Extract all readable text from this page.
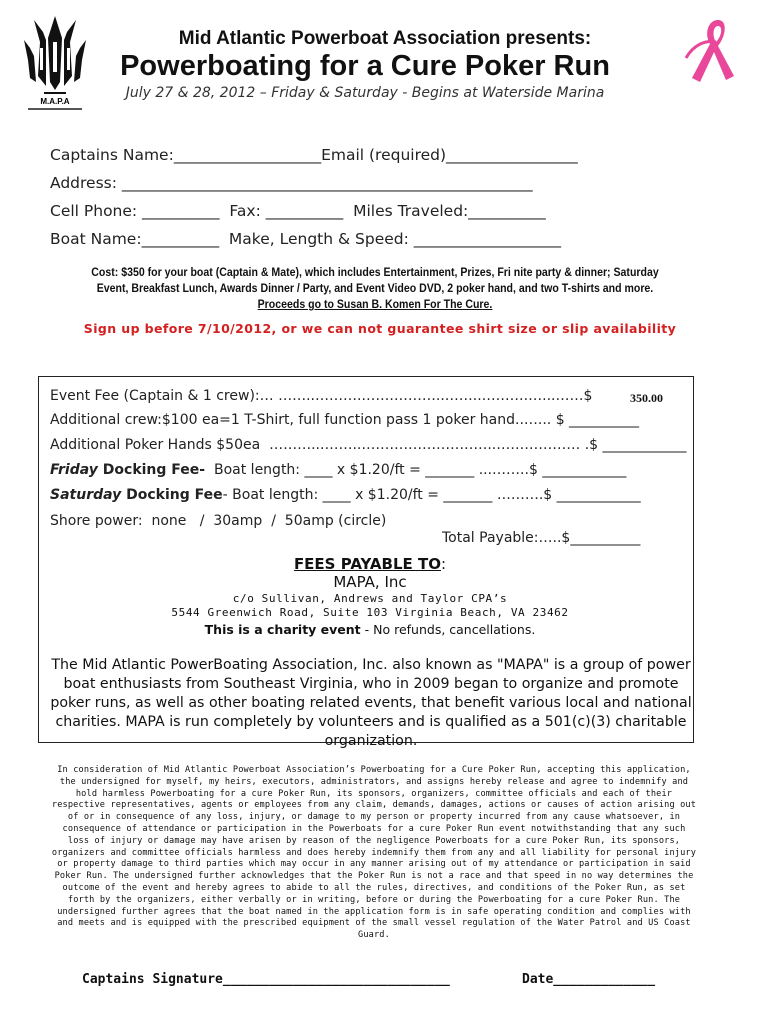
M.A.P.A
Mid Atlantic Powerboat Association presents:
Powerboating for a Cure Poker Run
July 27 & 28, 2012 – Friday & Saturday - Begins at Waterside Marina
Captains Name:___________________Email (required)_________________
Address: _____________________________________________________
Cell Phone: __________  Fax: __________  Miles Traveled:__________
Boat Name:__________  Make, Length & Speed: ___________________
Cost: $350 for your boat (Captain & Mate), which includes Entertainment, Prizes, Fri nite party & dinner; Saturday
Event, Breakfast Lunch, Awards Dinner / Party, and Event Video DVD, 2 poker hand, and two T-shirts and more.
Proceeds go to Susan B. Komen For The Cure.
Sign up before 7/10/2012, or we can not guarantee shirt size or slip availability
Event Fee (Captain & 1 crew):… ……..……….…….………..……..……….…...……$	350.00
Additional crew:$100 ea=1 T-Shirt, full function pass 1 poker hand..…... $ __________
Additional Poker Hands $50ea  ………...……..………………………..……………… .$ ____________
Friday Docking Fee-  Boat length: ____ x $1.20/ft = _______ ...……..$ ____________
Saturday Docking Fee- Boat length: ____ x $1.20/ft = _______ ……….$ ____________
Shore power:  none   /  30amp  /  50amp (circle)
Total Payable:…..$__________
FEES PAYABLE TO:
MAPA, Inc
c/o Sullivan, Andrews and Taylor CPA’s
5544 Greenwich Road, Suite 103 Virginia Beach, VA 23462
This is a charity event - No refunds, cancellations.
The Mid Atlantic PowerBoating Association, Inc. also known as "MAPA" is a group of power boat enthusiasts from Southeast Virginia, who in 2009 began to organize and promote poker runs, as well as other boating related events, that benefit various local and national charities. MAPA is run completely by volunteers and is qualified as a 501(c)(3) charitable organization.
In consideration of Mid Atlantic Powerboat Association’s Powerboating for a Cure Poker Run, accepting this application, the undersigned for myself, my heirs, executors, administrators, and assigns hereby release and agree to indemnify and hold harmless Powerboating for a cure Poker Run, its sponsors, organizers, committee officials and each of their respective representatives, agents or employees from any claim, demands, damages, actions or causes of action arising out of or in consequence of any loss, injury, or damage to my person or property incurred from any cause whatsoever, in consequence of attendance or participation in the Powerboats for a cure Poker Run event notwithstanding that any such loss of injury or damage may have arisen by reason of the negligence Powerboats for a cure Poker Run, its sponsors, organizers and committee officials harmless and does hereby indemnify them from any and all liability for personal injury or property damage to third parties which may occur in any manner arising out of my attendance or participation in said Poker Run. The undersigned further acknowledges that the Poker Run is not a race and that speed in no way determines the outcome of the event and hereby agrees to abide to all the rules, directives, and conditions of the Poker Run, as set forth by the organizers, either verbally or in writing, before or during the Powerboating for a cure Poker Run. The undersigned further agrees that the boat named in the application form is in safe operating condition and complies with and meets and is equipped with the prescribed equipment of the small vessel regulation of the Water Patrol and US Coast Guard.
Captains Signature_____________________________	Date_____________
